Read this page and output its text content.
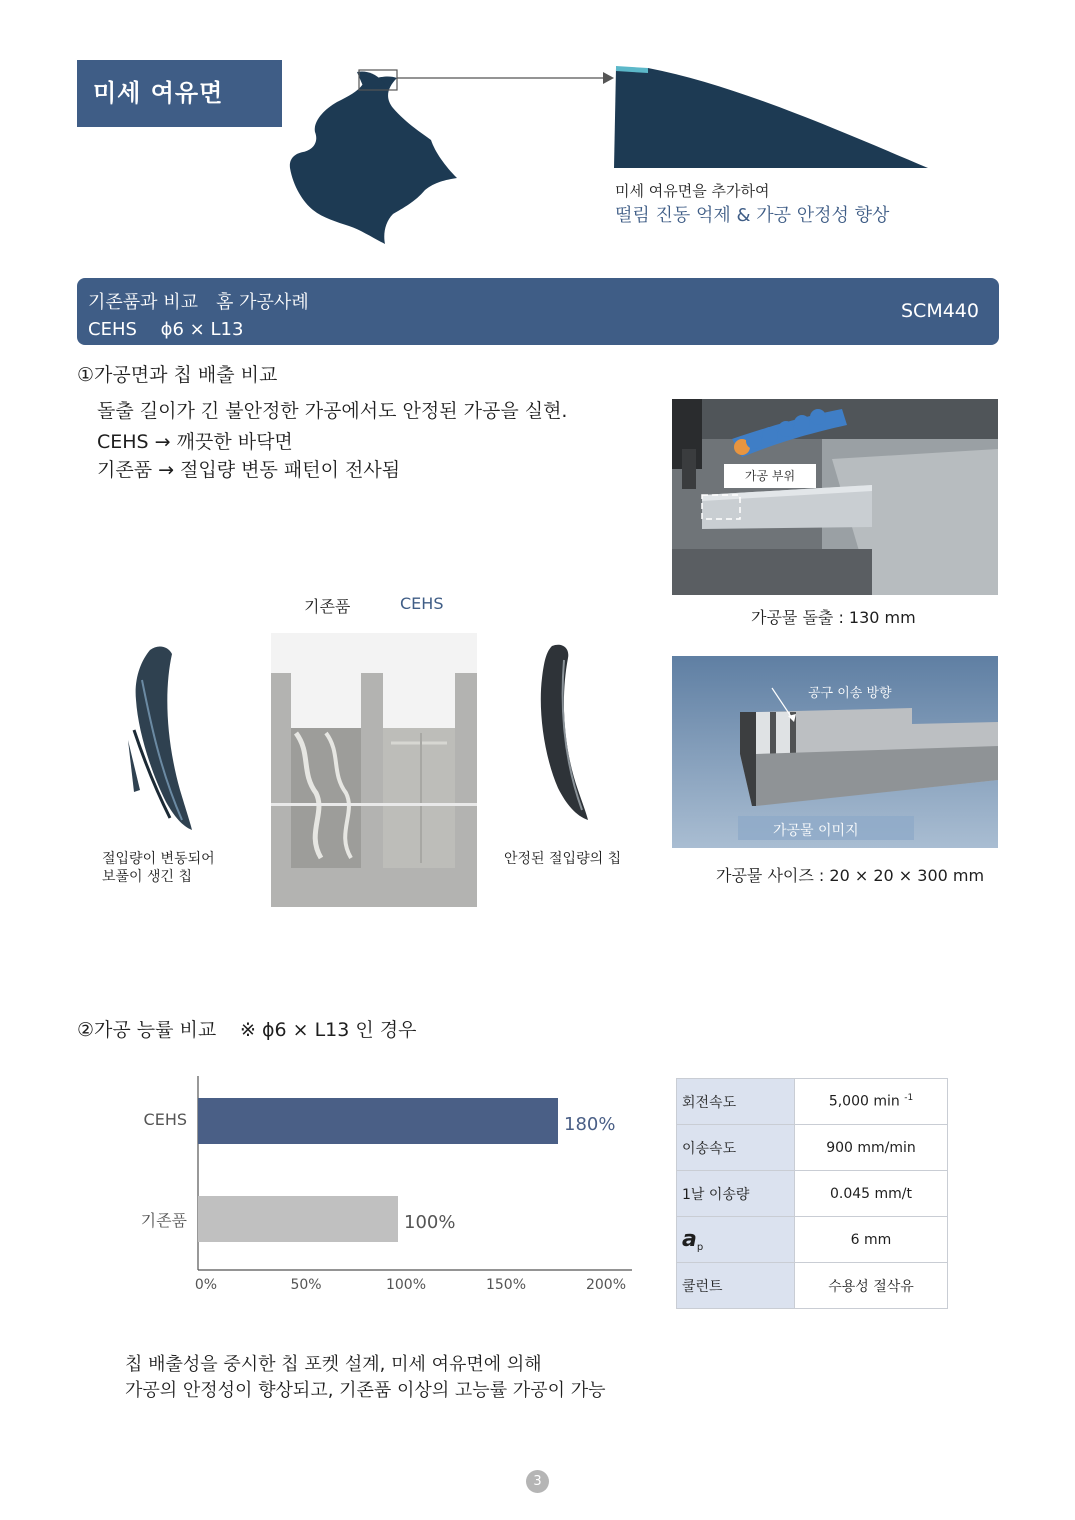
미세 여유면
미세 여유면을 추가하여
떨림 진동 억제 & 가공 안정성 향상
기존품과 비교　홈 가공사례
CEHS　 ϕ6 × L13
SCM440
①가공면과 칩 배출 비교
돌출 길이가 긴 불안정한 가공에서도 안정된 가공을 실현.
CEHS → 깨끗한 바닥면
기존품 → 절입량 변동 패턴이 전사됨	가공 부위
가공물 돌출 : 130 mm
기존품	CEHS
절입량이 변동되어
보풀이 생긴 칩
안정된 절입량의 칩
공구 이송 방향
가공물 이미지
가공물 사이즈 : 20 × 20 × 300 mm
②가공 능률 비교 ※ ϕ6 × L13 인 경우
CEHS
기존품
0%	50%	100%	150%	200%
180%
100%
회전속도	5,000 min $^{-1}$
이송속도	900 mm/min
1날 이송량	0.045 mm/t
$a_p$	6 mm
쿨런트	수용성 절삭유
칩 배출성을 중시한 칩 포켓 설계, 미세 여유면에 의해
가공의 안정성이 향상되고, 기존품 이상의 고능률 가공이 가능
3
